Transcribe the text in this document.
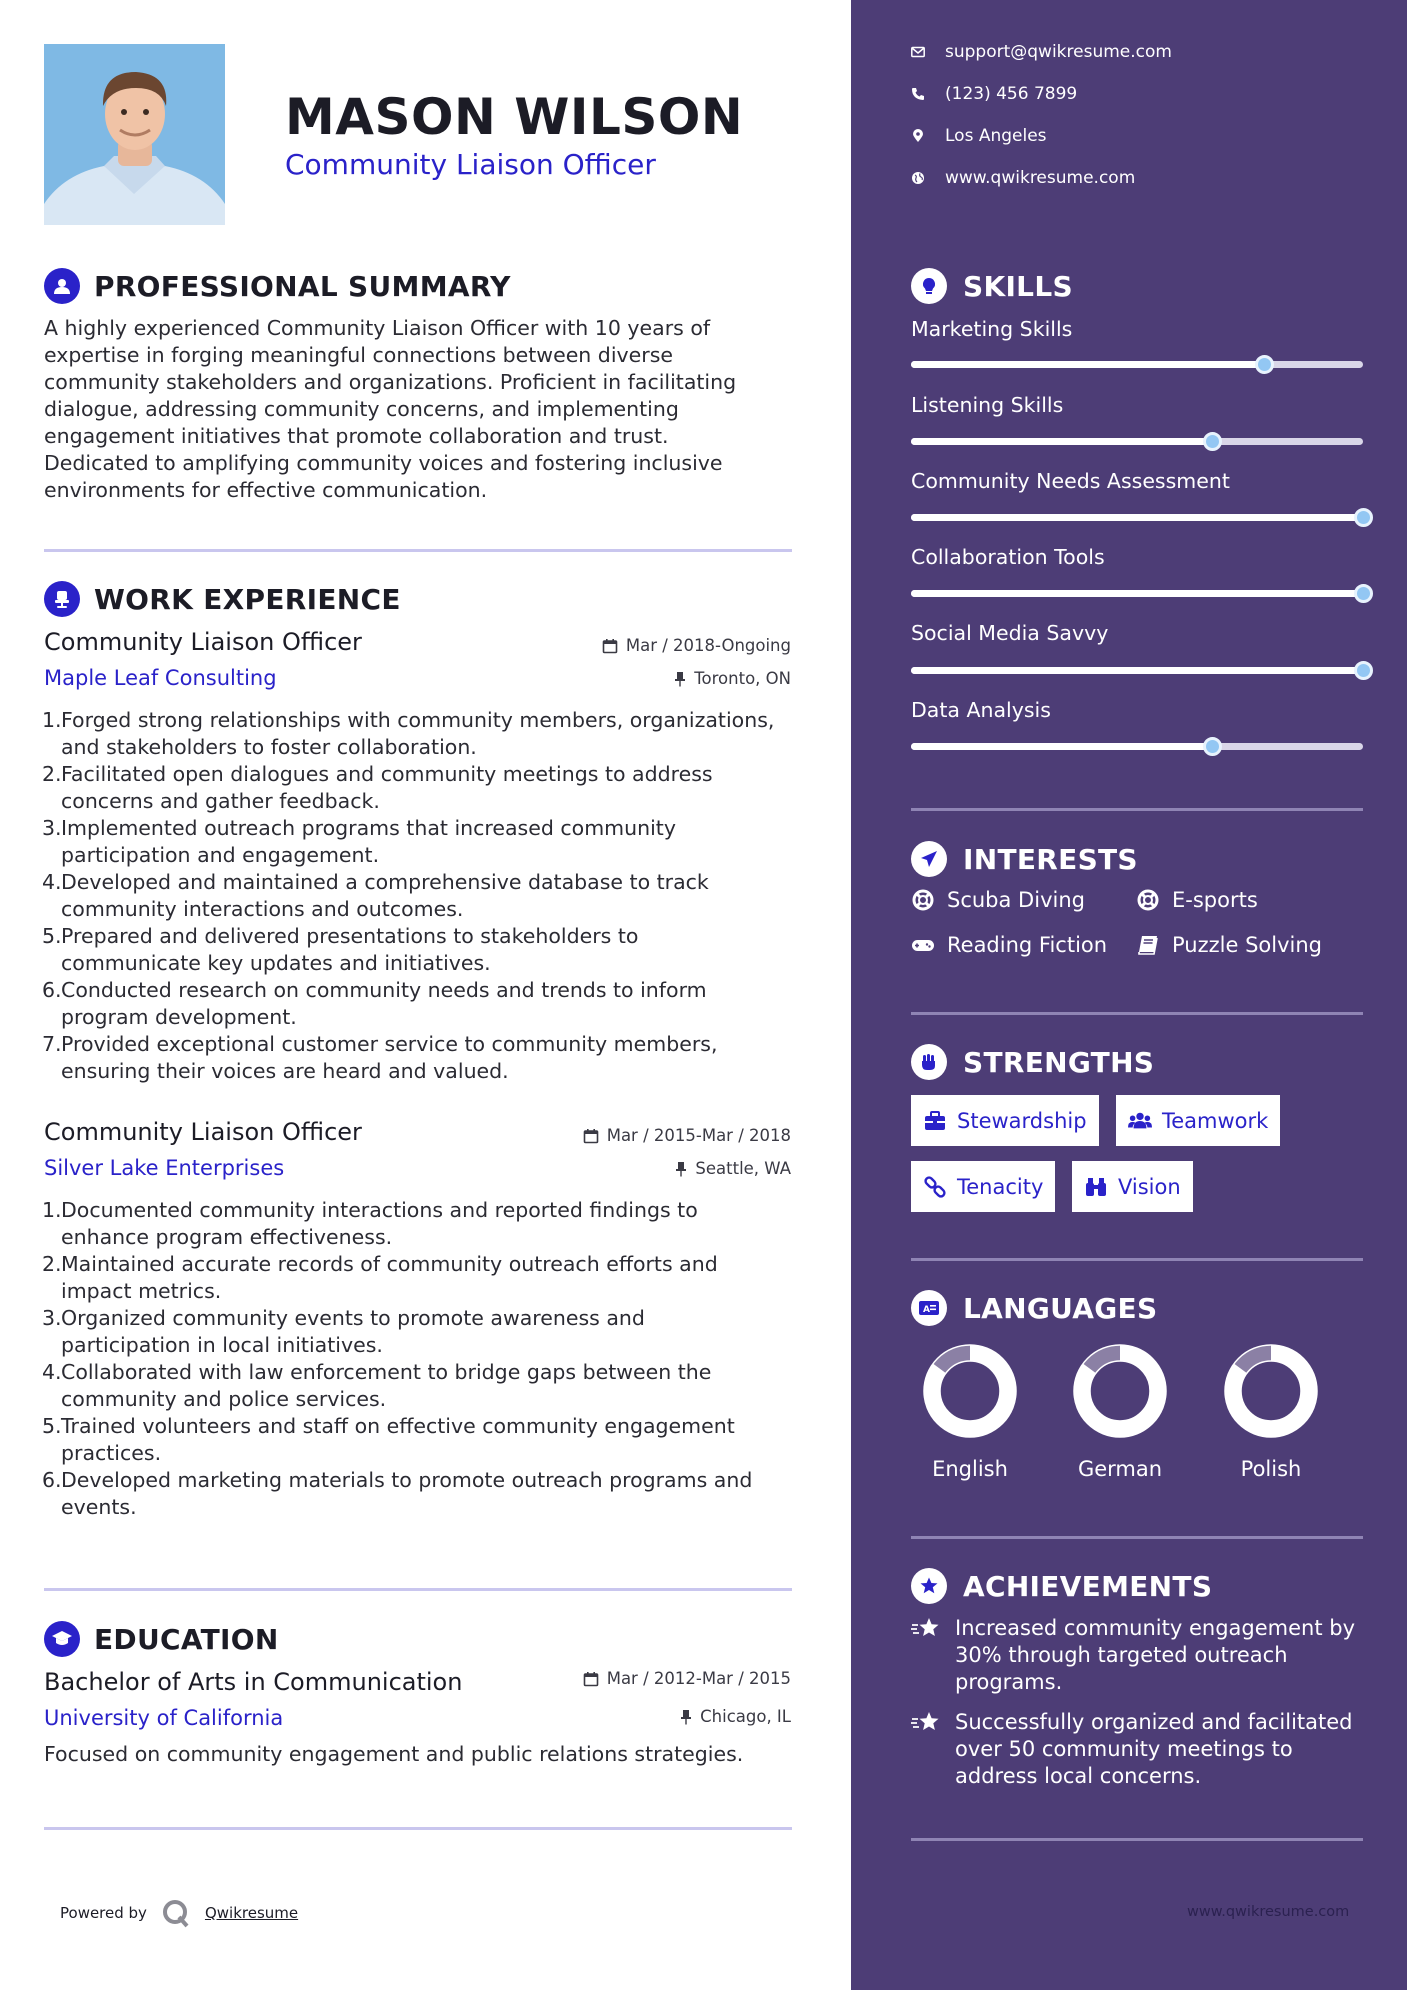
MASON WILSON
Community Liaison Officer
PROFESSIONAL SUMMARY
A highly experienced Community Liaison Officer with 10 years of
expertise in forging meaningful connections between diverse
community stakeholders and organizations. Proficient in facilitating
dialogue, addressing community concerns, and implementing
engagement initiatives that promote collaboration and trust.
Dedicated to amplifying community voices and fostering inclusive
environments for effective communication.
WORK EXPERIENCE
Community Liaison Officer
Maple Leaf Consulting
Mar / 2018-Ongoing
Toronto, ON
1. Forged strong relationships with community members, organizations,
and stakeholders to foster collaboration.
2. Facilitated open dialogues and community meetings to address
concerns and gather feedback.
3. Implemented outreach programs that increased community
participation and engagement.
4. Developed and maintained a comprehensive database to track
community interactions and outcomes.
5. Prepared and delivered presentations to stakeholders to
communicate key updates and initiatives.
6. Conducted research on community needs and trends to inform
program development.
7. Provided exceptional customer service to community members,
ensuring their voices are heard and valued.
Community Liaison Officer
Silver Lake Enterprises
Mar / 2015-Mar / 2018
Seattle, WA
1. Documented community interactions and reported findings to
enhance program effectiveness.
2. Maintained accurate records of community outreach efforts and
impact metrics.
3. Organized community events to promote awareness and
participation in local initiatives.
4. Collaborated with law enforcement to bridge gaps between the
community and police services.
5. Trained volunteers and staff on effective community engagement
practices.
6. Developed marketing materials to promote outreach programs and
events.
EDUCATION
Bachelor of Arts in Communication
University of California
Mar / 2012-Mar / 2015
Chicago, IL
Focused on community engagement and public relations strategies.
Powered by	Qwikresume
support@qwikresume.com
(123) 456 7899
Los Angeles
www.qwikresume.com
SKILLS
Marketing Skills
Listening Skills
Community Needs Assessment
Collaboration Tools
Social Media Savvy
Data Analysis
INTERESTS
Scuba Diving	E-sports
Reading Fiction	Puzzle Solving
STRENGTHS
Stewardship	Teamwork
Tenacity	Vision
A LANGUAGES
English	German	Polish
ACHIEVEMENTS
Increased community engagement by
30% through targeted outreach
programs.
Successfully organized and facilitated
over 50 community meetings to
address local concerns.
www.qwikresume.com
